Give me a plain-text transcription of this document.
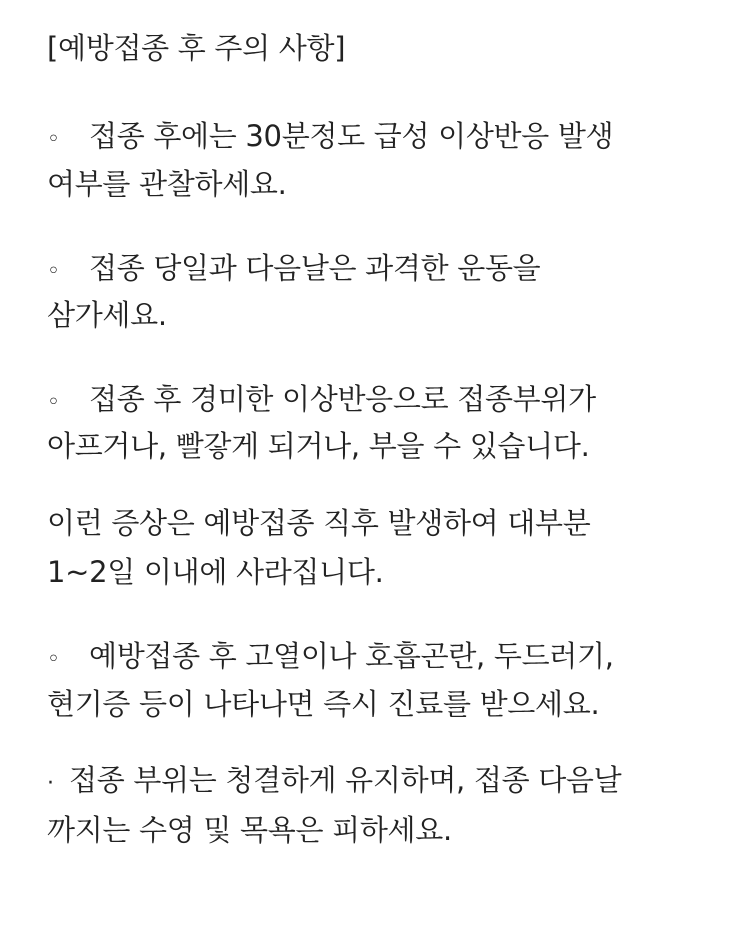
[예방접종 후 주의 사항]
◦ 접종 후에는 30분정도 급성 이상반응 발생
여부를 관찰하세요.
◦ 접종 당일과 다음날은 과격한 운동을
삼가세요.
◦ 접종 후 경미한 이상반응으로 접종부위가
아프거나, 빨갛게 되거나, 부을 수 있습니다.
이런 증상은 예방접종 직후 발생하여 대부분
1~2일 이내에 사라집니다.
◦ 예방접종 후 고열이나 호흡곤란, 두드러기,
현기증 등이 나타나면 즉시 진료를 받으세요.
· 접종 부위는 청결하게 유지하며, 접종 다음날
까지는 수영 및 목욕은 피하세요.
